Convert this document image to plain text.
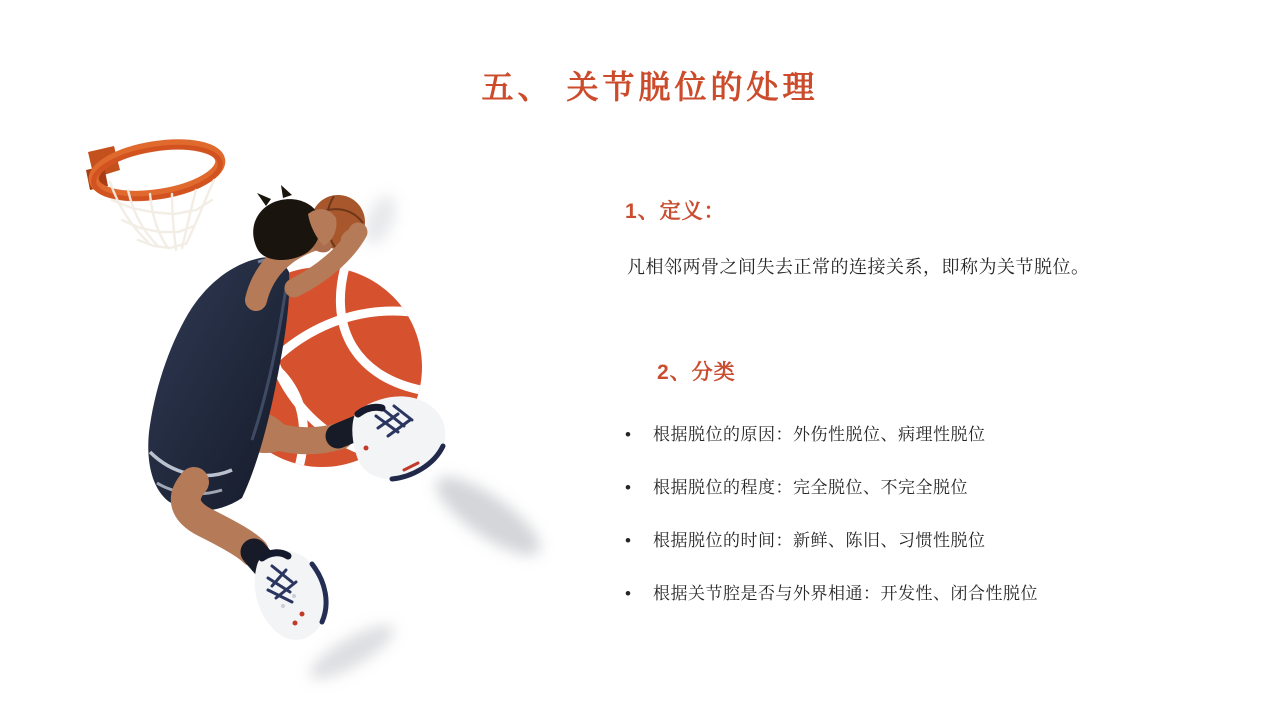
五、 关节脱位的处理
1、定义：
凡相邻两骨之间失去正常的连接关系，即称为关节脱位。
2、分类
•	根据脱位的原因：外伤性脱位、病理性脱位
•	根据脱位的程度：完全脱位、不完全脱位
•	根据脱位的时间：新鲜、陈旧、习惯性脱位
•	根据关节腔是否与外界相通：开发性、闭合性脱位
